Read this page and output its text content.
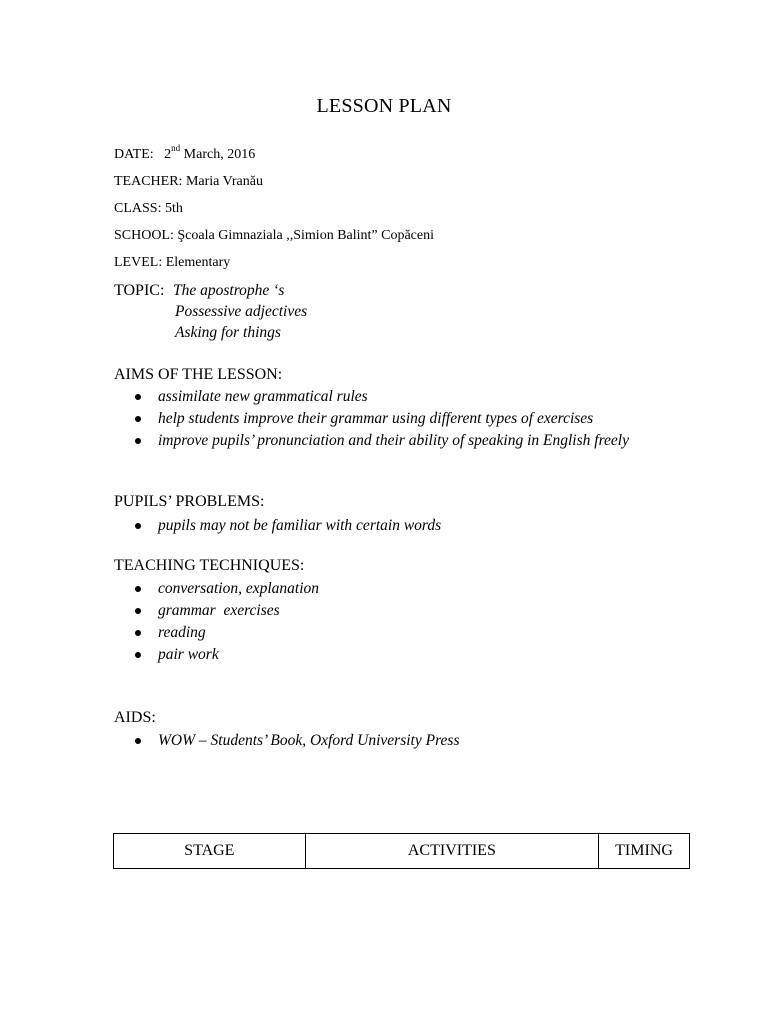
LESSON PLAN
DATE: 2nd March, 2016
TEACHER: Maria Vranău
CLASS: 5th
SCHOOL: Şcoala Gimnaziala ,,Simion Balint” Copăceni
LEVEL: Elementary
TOPIC: The apostrophe ‘s
Possessive adjectives
Asking for things
AIMS OF THE LESSON:
assimilate new grammatical rules
help students improve their grammar using different types of exercises
improve pupils’ pronunciation and their ability of speaking in English freely
PUPILS’ PROBLEMS:
pupils may not be familiar with certain words
TEACHING TECHNIQUES:
conversation, explanation
grammar  exercises
reading
pair work
AIDS:
WOW – Students’ Book, Oxford University Press
STAGE	ACTIVITIES	TIMING
